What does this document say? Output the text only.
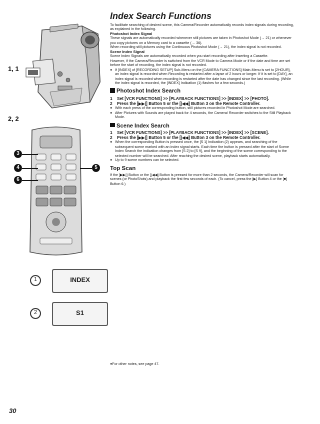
1, 1
2, 2
3
4	5
6
1	INDEX
2	S1
Index Search Functions

To facilitate searching of desired scene, this Camera/Recorder automatically records index signals during recording, as explained in the following.

Photoshot Index Signal

These signals are automatically recorded whenever still pictures are taken in Photoshot Mode (→ 21) or whenever you copy pictures on a Memory card to a cassette (→ 36).

When recording still pictures using the Continuous Photoshot Mode (→ 21), the index signal is not recorded.

Scene Index Signal

Scene Index Signals are automatically recorded when you start recording after inserting a Cassette.

However, if the Camera/Recorder is switched from the VCR Mode to Camera Mode or if the date and time are set before the start of recording, the index signal is not recorded.

● If [INDEX] of [RECORDING SETUP] Sub-Menu on the [CAMERA FUNCTIONS] Main-Menu is set to [2HOUR], an index signal is recorded when Recording is restarted after a lapse of 2 hours or longer. If it is set to [DAY], an index signal is recorded when recording is restarted after the date has changed since the last recording. (While the index signal is recorded, the [INDEX] Indication (1) flashes for a few seconds.)
Photoshot Index Search
1	Set [VCR FUNCTIONS] >> [PLAYBACK FUNCTIONS] >> [INDEX] >> [PHOTO].
2	Press the [▶▶|] Button 5 or the [|◀◀] Button 3 on the Remote Controller.
● With each press of the corresponding button, still pictures recorded in Photoshot Mode are searched.
● After Pictures with Sounds are played back for 4 seconds, the Camera/ Recorder switches to the Still Playback Mode.
Scene Index Search
1	Set [VCR FUNCTIONS] >> [PLAYBACK FUNCTIONS] >> [INDEX] >> [SCENE].
2	Press the [▶▶|] Button 5 or the [|◀◀] Button 3 on the Remote Controller.
● When the corresponding Button is pressed once, the [S 1] Indication (2) appears, and searching of the subsequent scene marked with an index signal starts. Each time the button is pressed after the start of Scene Index Search the indication changes from [S 2] to [S 9], and the beginning of the scene corresponding to the selected number will be searched. After reaching the desired scene, playback starts automatically.
● Up to 9 scene numbers can be selected.
Top Scan

If the [▶▶|] Button or the [|◀◀] Button is pressed for more than 2 seconds, the Camera/Recorder will scan for scenes (or PhotoShots) and playback the first few seconds of each. (To cancel, press the [▶] Button 4 or the [■] Button 6.)

●For other notes, see page 47.
30
